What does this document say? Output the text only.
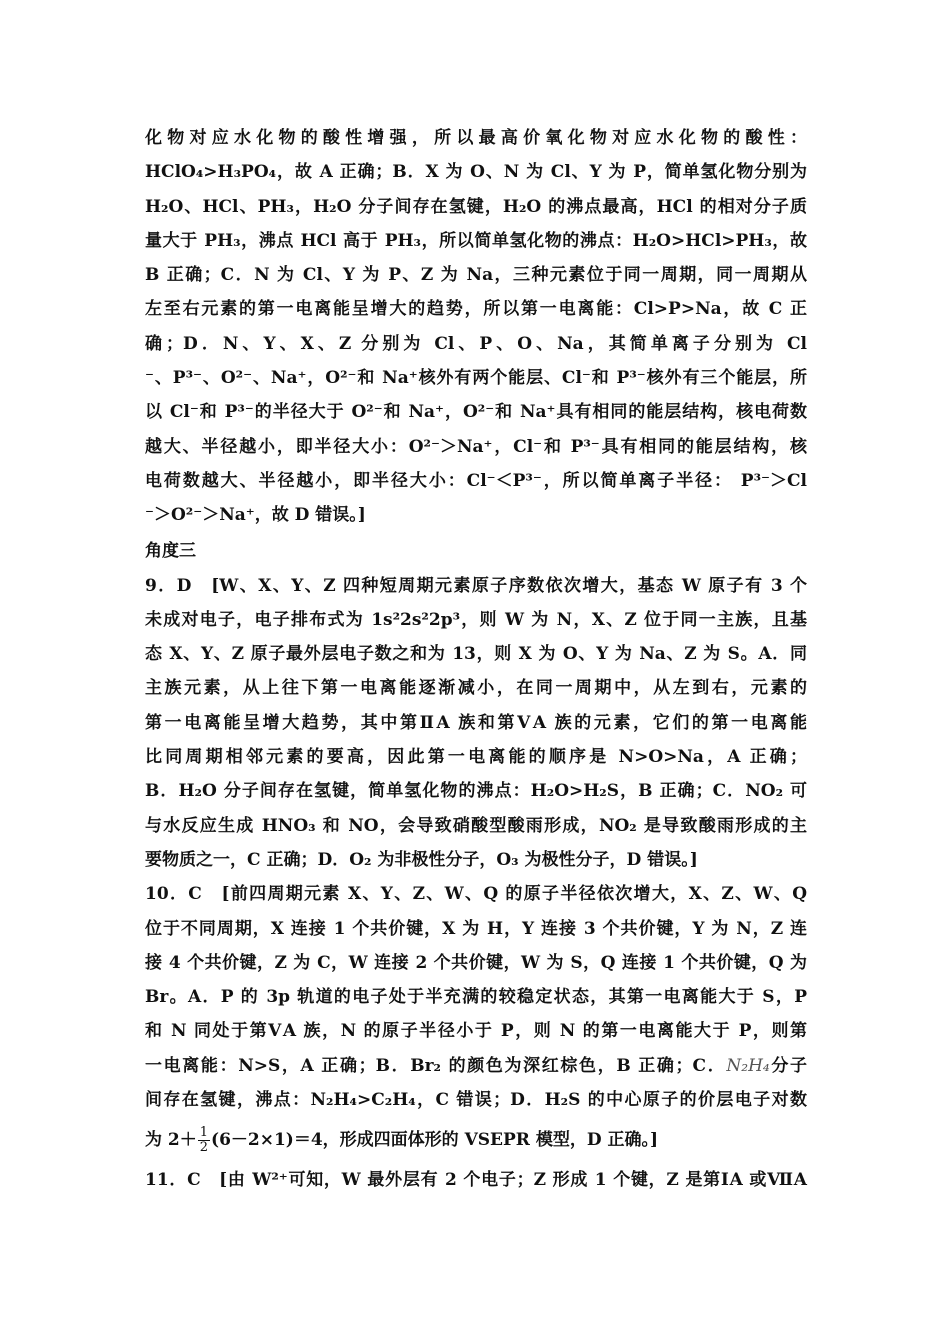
化物对应水化物的酸性增强，所以最高价氧化物对应水化物的酸性：
HClO₄>H₃PO₄，故 A 正确；B．X 为 O、N 为 Cl、Y 为 P，简单氢化物分别为
H₂O、HCl、PH₃，H₂O 分子间存在氢键，H₂O 的沸点最高，HCl 的相对分子质
量大于 PH₃，沸点 HCl 高于 PH₃，所以简单氢化物的沸点：H₂O>HCl>PH₃，故
B 正确；C．N 为 Cl、Y 为 P、Z 为 Na，三种元素位于同一周期，同一周期从
左至右元素的第一电离能呈增大的趋势，所以第一电离能：Cl>P>Na，故 C 正
确；D．N、Y、X、Z 分别为 Cl、P、O、Na，其简单离子分别为 Cl
⁻、P³⁻、O²⁻、Na⁺，O²⁻和 Na⁺核外有两个能层、Cl⁻和 P³⁻核外有三个能层，所
以 Cl⁻和 P³⁻的半径大于 O²⁻和 Na⁺，O²⁻和 Na⁺具有相同的能层结构，核电荷数
越大、半径越小，即半径大小：O²⁻＞Na⁺，Cl⁻和 P³⁻具有相同的能层结构，核
电荷数越大、半径越小，即半径大小：Cl⁻＜P³⁻，所以简单离子半径： P³⁻＞Cl
⁻＞O²⁻＞Na⁺，故 D 错误。]
角度三
9．D　[W、X、Y、Z 四种短周期元素原子序数依次增大，基态 W 原子有 3 个
未成对电子，电子排布式为 1s²2s²2p³，则 W 为 N，X、Z 位于同一主族，且基
态 X、Y、Z 原子最外层电子数之和为 13，则 X 为 O、Y 为 Na、Z 为 S。A．同
主族元素，从上往下第一电离能逐渐减小，在同一周期中，从左到右，元素的
第一电离能呈增大趋势，其中第ⅡA 族和第ⅤA 族的元素，它们的第一电离能
比同周期相邻元素的要高，因此第一电离能的顺序是 N>O>Na，A 正确；
B．H₂O 分子间存在氢键，简单氢化物的沸点：H₂O>H₂S，B 正确；C．NO₂ 可
与水反应生成 HNO₃ 和 NO，会导致硝酸型酸雨形成，NO₂ 是导致酸雨形成的主
要物质之一，C 正确；D．O₂ 为非极性分子，O₃ 为极性分子，D 错误。]
10．C　[前四周期元素 X、Y、Z、W、Q 的原子半径依次增大，X、Z、W、Q
位于不同周期，X 连接 1 个共价键，X 为 H，Y 连接 3 个共价键，Y 为 N，Z 连
接 4 个共价键，Z 为 C，W 连接 2 个共价键，W 为 S，Q 连接 1 个共价键，Q 为
Br。A．P 的 3p 轨道的电子处于半充满的较稳定状态，其第一电离能大于 S，P
和 N 同处于第ⅤA 族，N 的原子半径小于 P，则 N 的第一电离能大于 P，则第
一电离能：N>S，A 正确；B．Br₂ 的颜色为深红棕色，B 正确；C．N₂H₄分子
间存在氢键，沸点：N₂H₄>C₂H₄，C 错误；D．H₂S 的中心原子的价层电子对数
为 $2+ \frac{1}{2} (6-2\times 1)=4$，形成四面体形的 VSEPR 模型，D 正确。]
11．C　[由 W²⁺可知，W 最外层有 2 个电子；Z 形成 1 个键，Z 是第ⅠA 或ⅦA
